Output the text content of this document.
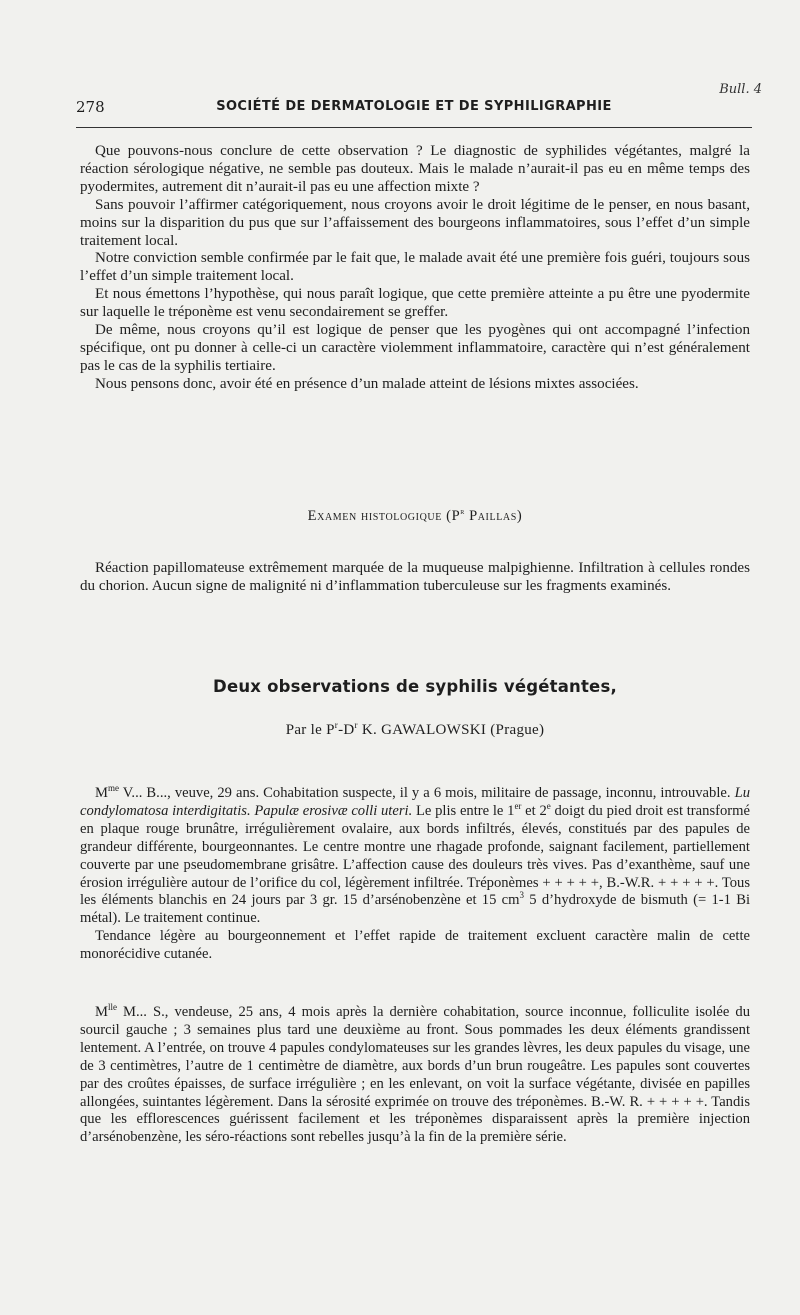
Bull. 4
278	SOCIÉTÉ DE DERMATOLOGIE ET DE SYPHILIGRAPHIE

Que pouvons-nous conclure de cette observation ? Le diagnostic de syphilides végétantes, malgré la réaction sérologique négative, ne semble pas douteux. Mais le malade n’aurait-il pas eu en même temps des pyodermites, autrement dit n’aurait-il pas eu une affection mixte ?

Sans pouvoir l’affirmer catégoriquement, nous croyons avoir le droit légitime de le penser, en nous basant, moins sur la disparition du pus que sur l’affaissement des bourgeons inflammatoires, sous l’effet d’un simple traitement local.

Notre conviction semble confirmée par le fait que, le malade avait été une première fois guéri, toujours sous l’effet d’un simple traitement local.

Et nous émettons l’hypothèse, qui nous paraît logique, que cette première atteinte a pu être une pyodermite sur laquelle le tréponème est venu secondairement se greffer.

De même, nous croyons qu’il est logique de penser que les pyogènes qui ont accompagné l’infection spécifique, ont pu donner à celle-ci un caractère violemment inflammatoire, caractère qui n’est généralement pas le cas de la syphilis tertiaire.

Nous pensons donc, avoir été en présence d’un malade atteint de lésions mixtes associées.

Examen histologique ($P^r$ Paillas)

Réaction papillomateuse extrêmement marquée de la muqueuse malpighienne. Infiltration à cellules rondes du chorion. Aucun signe de malignité ni d’inflammation tuberculeuse sur les fragments examinés.

Deux observations de syphilis végétantes,
Par le $P^r-D^r$ K. GAWALOWSKI (Prague)

$M^{me}$ V... B..., veuve, 29 ans. Cohabitation suspecte, il y a 6 mois, militaire de passage, inconnu, introuvable. Lu condylomatosa interdigitatis. Papulæ erosivæ colli uteri. Le plis entre le 1er et 2e doigt du pied droit est transformé en plaque rouge brunâtre, irrégulièrement ovalaire, aux bords infiltrés, élevés, constitués par des papules de grandeur différente, bourgeonnantes. Le centre montre une rhagade profonde, saignant facilement, partiellement couverte par une pseudomembrane grisâtre. L’affection cause des douleurs très vives. Pas d’exanthème, sauf une érosion irrégulière autour de l’orifice du col, légèrement infiltrée. Tréponèmes + + + + +, B.-W.R. + + + + +. Tous les éléments blanchis en 24 jours par 3 gr. 15 d’arsénobenzène et 15 $cm^3$ 5 d’hydroxyde de bismuth (= 1-1 Bi métal). Le traitement continue.

Tendance légère au bourgeonnement et l’effet rapide de traitement excluent caractère malin de cette monorécidive cutanée.

$M^{lle}$ M... S., vendeuse, 25 ans, 4 mois après la dernière cohabitation, source inconnue, folliculite isolée du sourcil gauche ; 3 semaines plus tard une deuxième au front. Sous pommades les deux éléments grandissent lentement. A l’entrée, on trouve 4 papules condylomateuses sur les grandes lèvres, les deux papules du visage, une de 3 centimètres, l’autre de 1 centimètre de diamètre, aux bords d’un brun rougeâtre. Les papules sont couvertes par des croûtes épaisses, de surface irrégulière ; en les enlevant, on voit la surface végétante, divisée en papilles allongées, suintantes légèrement. Dans la sérosité exprimée on trouve des tréponèmes. B.-W. R. + + + + +. Tandis que les efflorescences guérissent facilement et les tréponèmes disparaissent après la première injection d’arsénobenzène, les séro-réactions sont rebelles jusqu’à la fin de la première série.
